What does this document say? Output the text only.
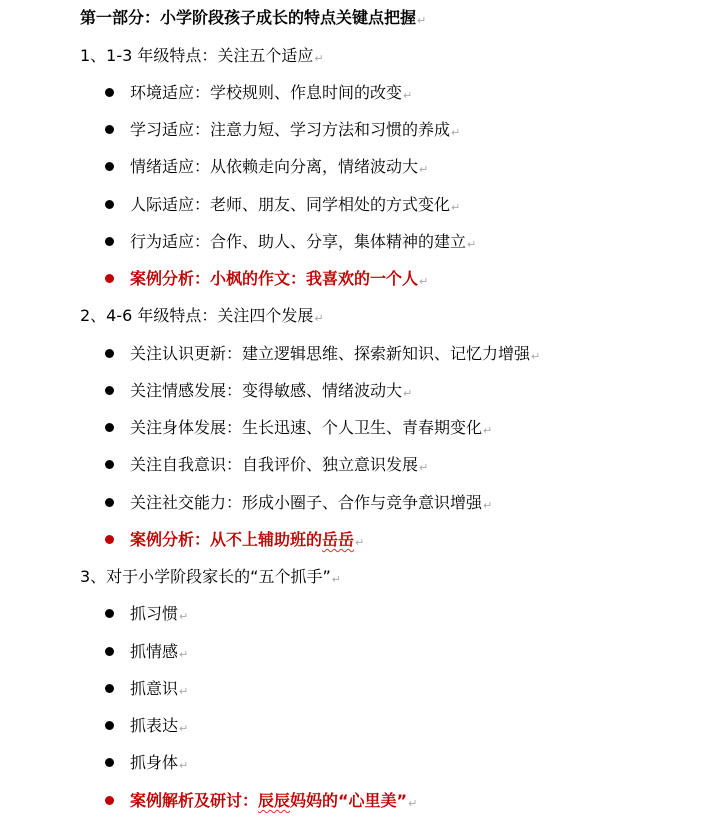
第一部分：小学阶段孩子成长的特点关键点把握↵
1、1-3 年级特点：关注五个适应↵
环境适应：学校规则、作息时间的改变↵
学习适应：注意力短、学习方法和习惯的养成↵
情绪适应：从依赖走向分离，情绪波动大↵
人际适应：老师、朋友、同学相处的方式变化↵
行为适应：合作、助人、分享，集体精神的建立↵
案例分析：小枫的作文：我喜欢的一个人↵
2、4-6 年级特点：关注四个发展↵
关注认识更新：建立逻辑思维、探索新知识、记忆力增强↵
关注情感发展：变得敏感、情绪波动大↵
关注身体发展：生长迅速、个人卫生、青春期变化↵
关注自我意识：自我评价、独立意识发展↵
关注社交能力：形成小圈子、合作与竞争意识增强↵
案例分析：从不上辅助班的岳岳↵
3、对于小学阶段家长的“五个抓手”↵
抓习惯↵
抓情感↵
抓意识↵
抓表达↵
抓身体↵
案例解析及研讨：辰辰妈妈的“心里美”↵
